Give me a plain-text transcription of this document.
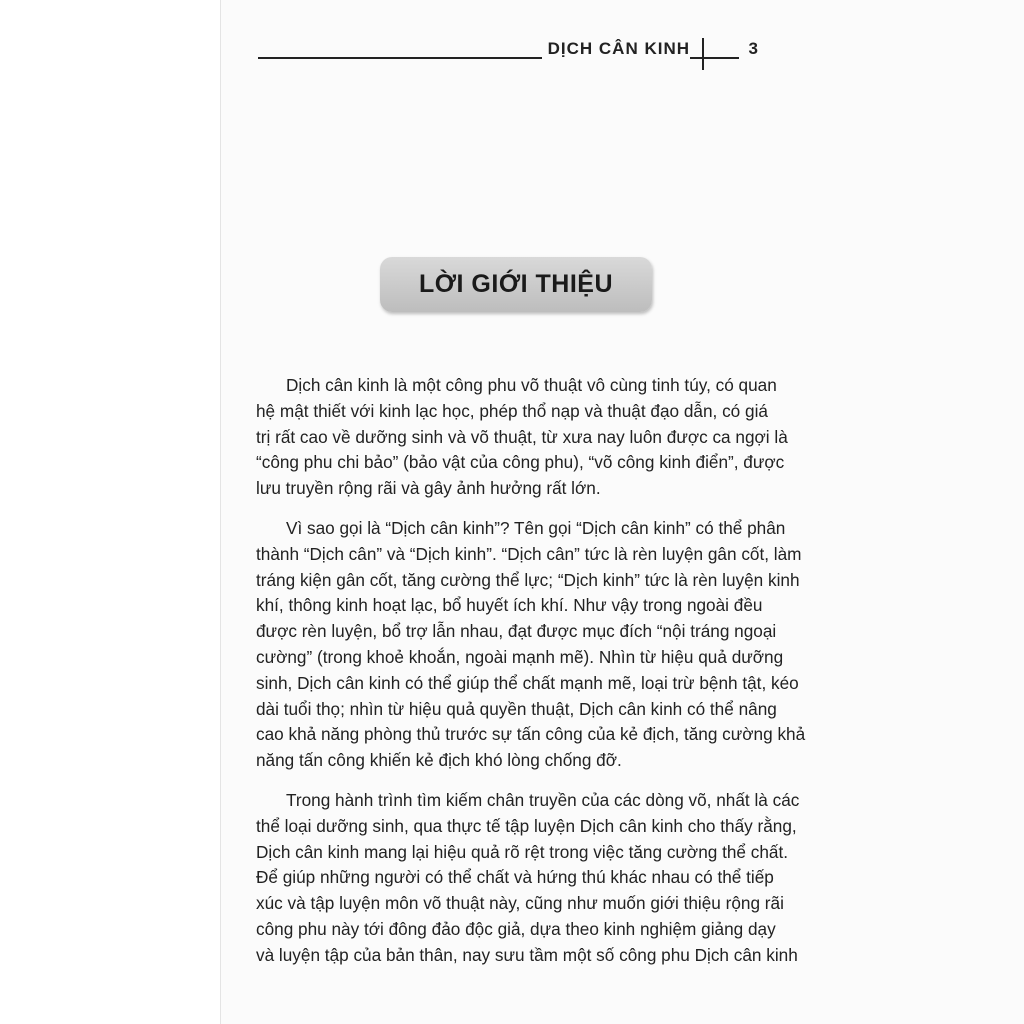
DỊCH CÂN KINH	3
LỜI GIỚI THIỆU

Dịch cân kinh là một công phu võ thuật vô cùng tinh túy, có quan
hệ mật thiết với kinh lạc học, phép thổ nạp và thuật đạo dẫn, có giá
trị rất cao về dưỡng sinh và võ thuật, từ xưa nay luôn được ca ngợi là
“công phu chi bảo” (bảo vật của công phu), “võ công kinh điển”, được
lưu truyền rộng rãi và gây ảnh hưởng rất lớn.

Vì sao gọi là “Dịch cân kinh”? Tên gọi “Dịch cân kinh” có thể phân
thành “Dịch cân” và “Dịch kinh”. “Dịch cân” tức là rèn luyện gân cốt, làm
tráng kiện gân cốt, tăng cường thể lực; “Dịch kinh” tức là rèn luyện kinh
khí, thông kinh hoạt lạc, bổ huyết ích khí. Như vậy trong ngoài đều
được rèn luyện, bổ trợ lẫn nhau, đạt được mục đích “nội tráng ngoại
cường” (trong khoẻ khoắn, ngoài mạnh mẽ). Nhìn từ hiệu quả dưỡng
sinh, Dịch cân kinh có thể giúp thể chất mạnh mẽ, loại trừ bệnh tật, kéo
dài tuổi thọ; nhìn từ hiệu quả quyền thuật, Dịch cân kinh có thể nâng
cao khả năng phòng thủ trước sự tấn công của kẻ địch, tăng cường khả
năng tấn công khiến kẻ địch khó lòng chống đỡ.

Trong hành trình tìm kiếm chân truyền của các dòng võ, nhất là các
thể loại dưỡng sinh, qua thực tế tập luyện Dịch cân kinh cho thấy rằng,
Dịch cân kinh mang lại hiệu quả rõ rệt trong việc tăng cường thể chất.
Để giúp những người có thể chất và hứng thú khác nhau có thể tiếp
xúc và tập luyện môn võ thuật này, cũng như muốn giới thiệu rộng rãi
công phu này tới đông đảo độc giả, dựa theo kinh nghiệm giảng dạy
và luyện tập của bản thân, nay sưu tầm một số công phu Dịch cân kinh
